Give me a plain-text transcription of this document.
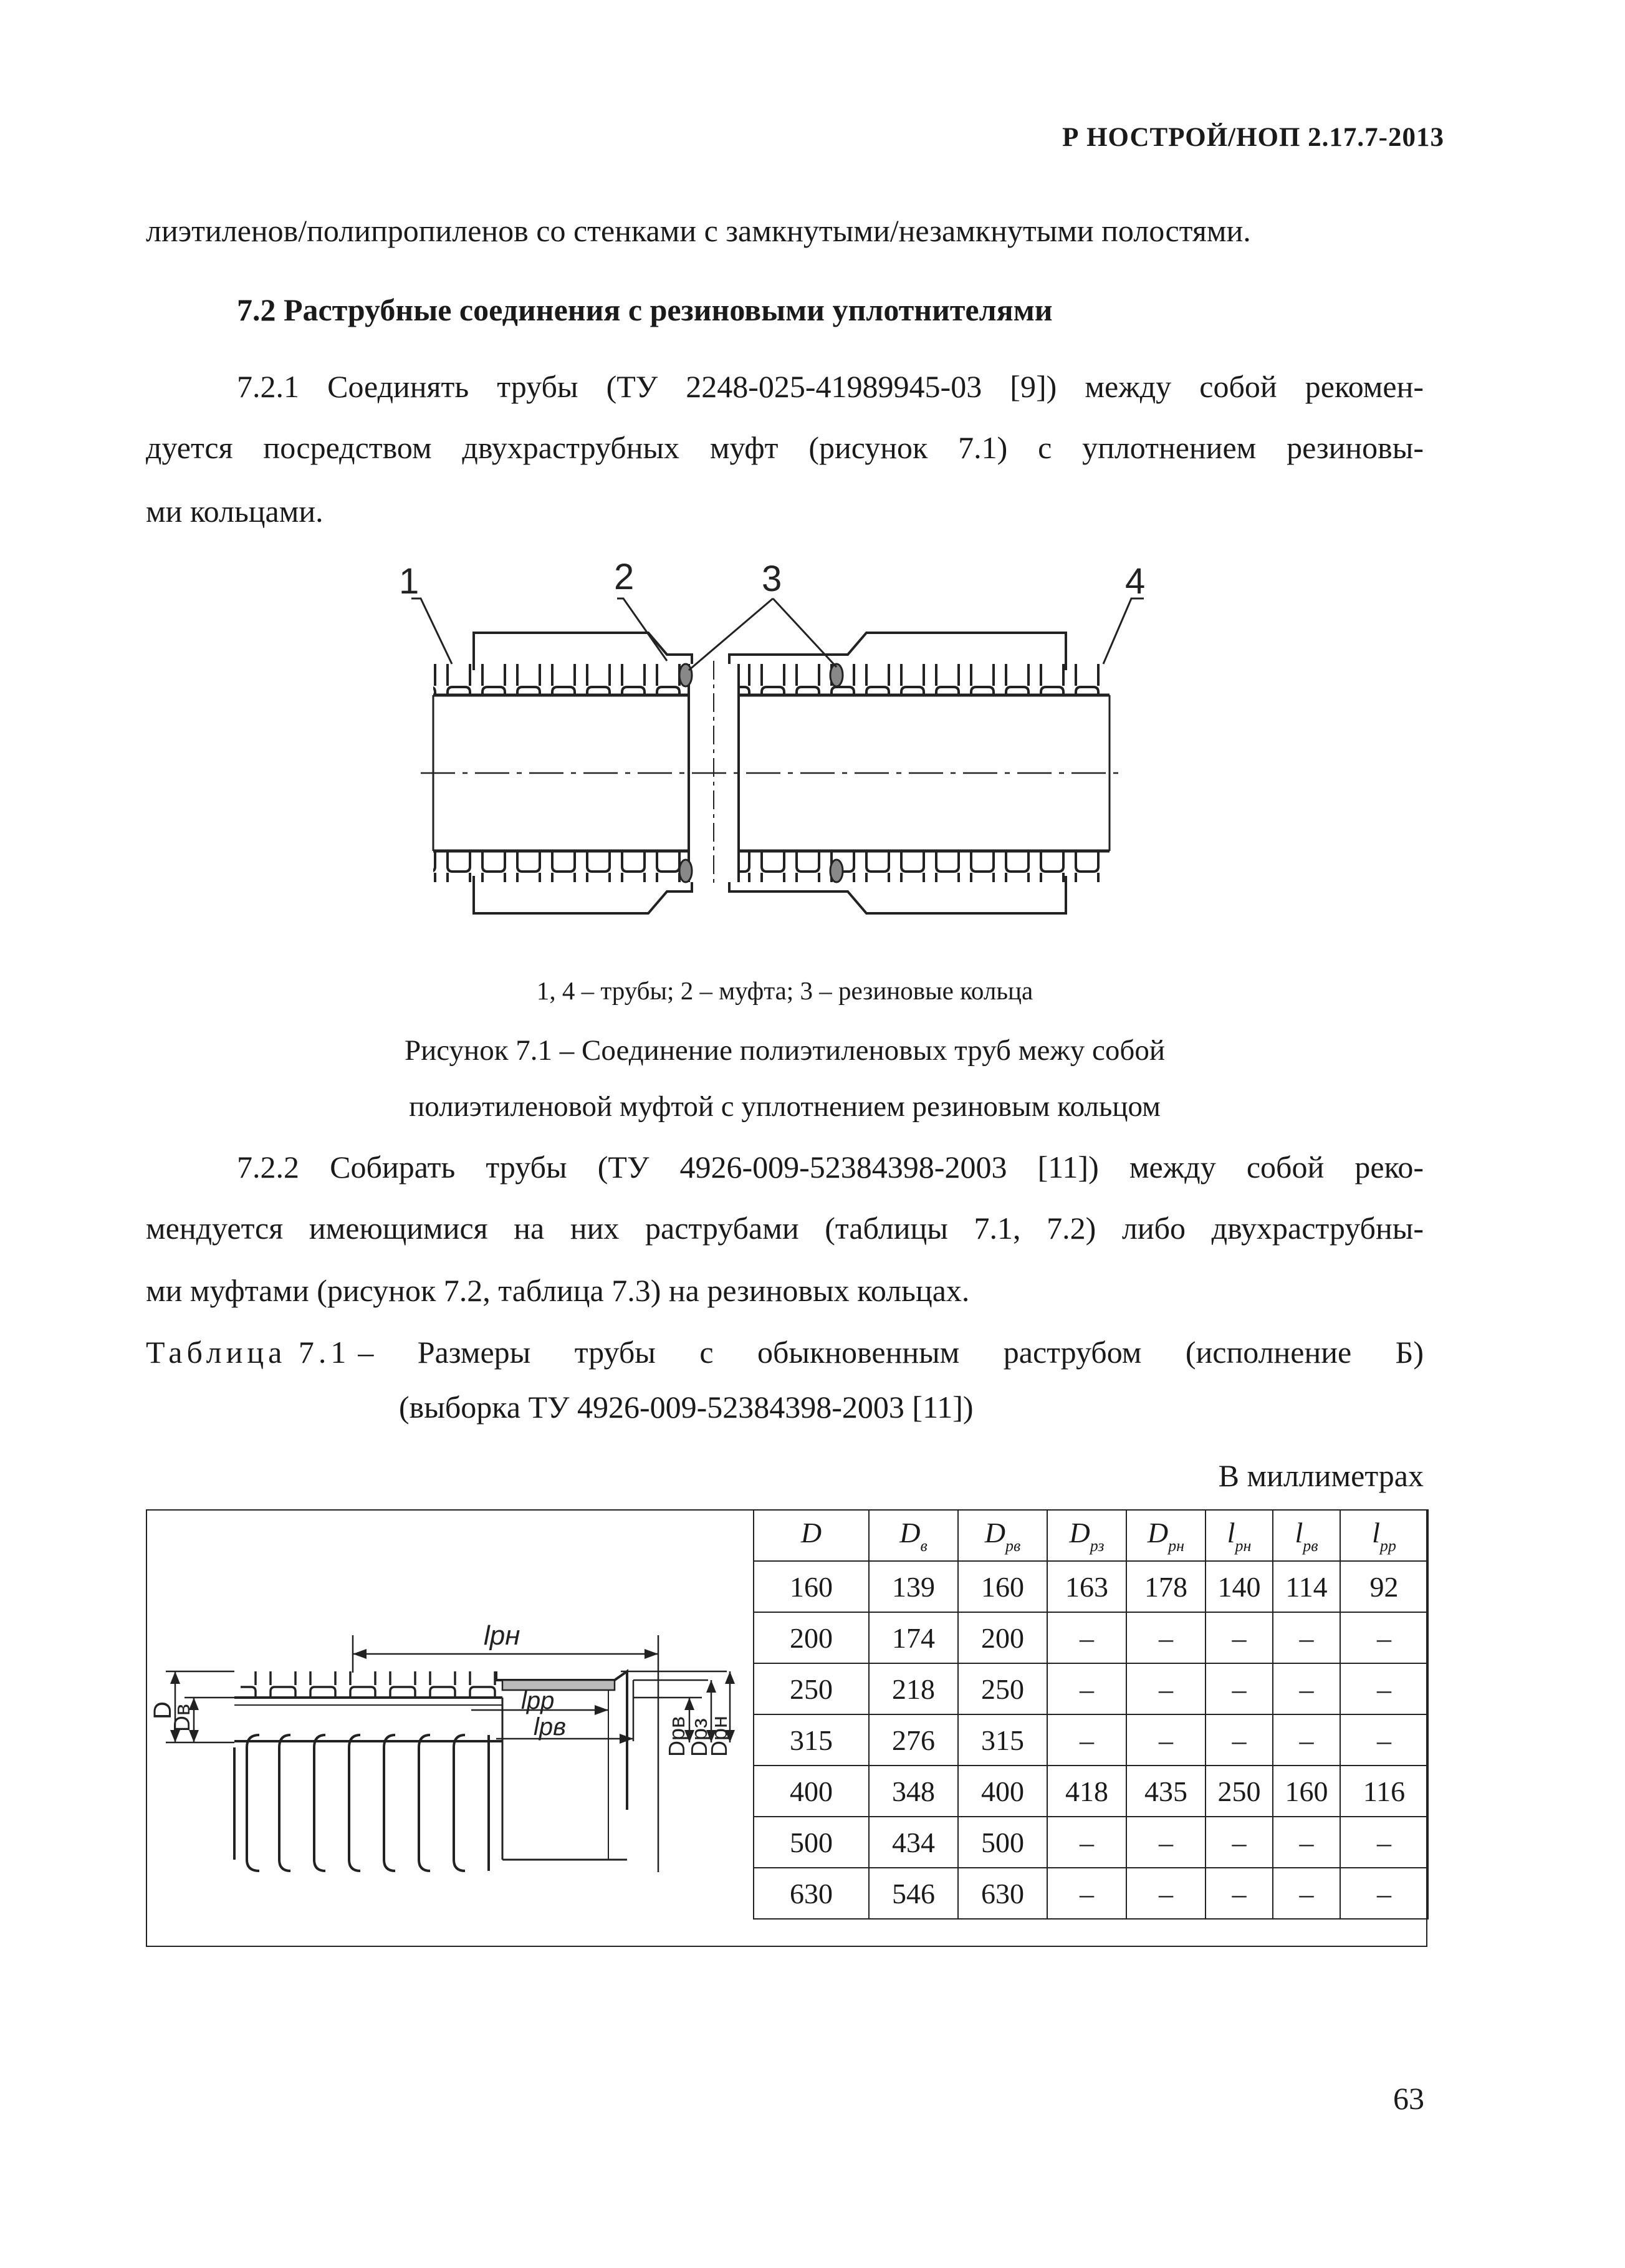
Р НОСТРОЙ/НОП 2.17.7-2013
лиэтиленов/полипропиленов со стенками с замкнутыми/незамкнутыми полостями.
7.2 Раструбные соединения с резиновыми уплотнителями
7.2.1 Соединять трубы (ТУ 2248-025-41989945-03 [9]) между собой рекомен-
дуется посредством двухраструбных муфт (рисунок 7.1) с уплотнением резиновы-
ми кольцами.
1	2	3	4
1, 4 – трубы; 2 – муфта; 3 – резиновые кольца
Рисунок 7.1 – Соединение полиэтиленовых труб межу собой
полиэтиленовой муфтой с уплотнением резиновым кольцом
7.2.2 Собирать трубы (ТУ 4926-009-52384398-2003 [11]) между собой реко-
мендуется имеющимися на них раструбами (таблицы 7.1, 7.2) либо двухраструбны-
ми муфтами (рисунок 7.2, таблица 7.3) на резиновых кольцах.
Таблица 7.1 – Размеры трубы с обыкновенным раструбом (исполнение Б)
(выборка ТУ 4926-009-52384398-2003 [11])
В миллиметрах
lрн
lрр
lрв
D
Dв	Dрв
Dрз
Dрн
D	$D_в$	$D_{рв}$	$D_{рз}$	$D_{рн}$	$l_{рн}$	$l_{рв}$	$l_{рр}$
160	139	160	163	178	140	114	92
200	174	200	–	–	–	–	–
250	218	250	–	–	–	–	–
315	276	315	–	–	–	–	–
400	348	400	418	435	250	160	116
500	434	500	–	–	–	–	–
630	546	630	–	–	–	–	–
63
